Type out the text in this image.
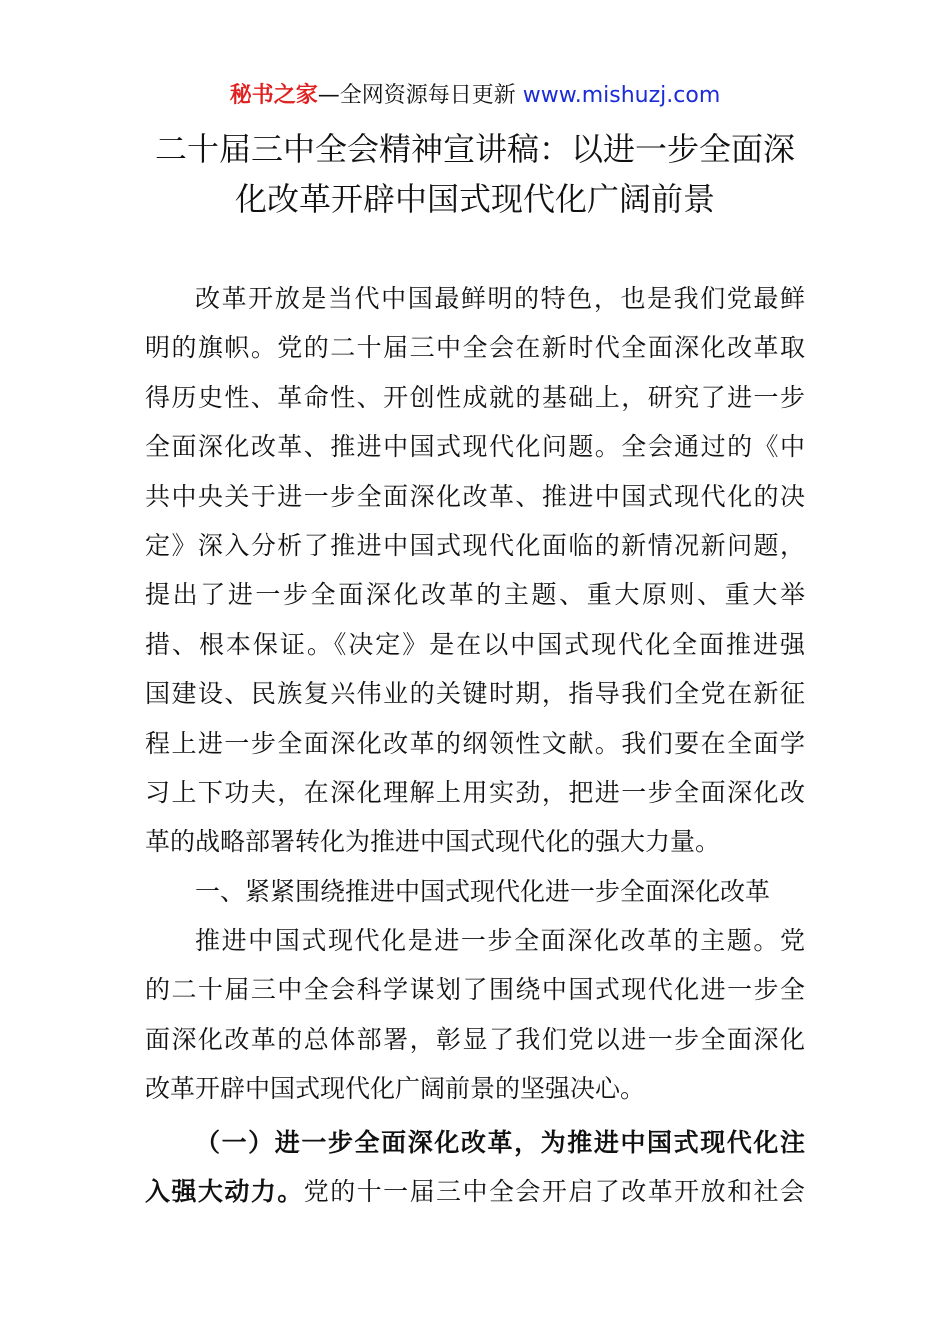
秘书之家—全网资源每日更新 www.mishuzj.com
二十届三中全会精神宣讲稿：以进一步全面深
化改革开辟中国式现代化广阔前景
改革开放是当代中国最鲜明的特色，也是我们党最鲜
明的旗帜。党的二十届三中全会在新时代全面深化改革取
得历史性、革命性、开创性成就的基础上，研究了进一步
全面深化改革、推进中国式现代化问题。全会通过的《中
共中央关于进一步全面深化改革、推进中国式现代化的决
定》深入分析了推进中国式现代化面临的新情况新问题，
提出了进一步全面深化改革的主题、重大原则、重大举
措、根本保证。《决定》是在以中国式现代化全面推进强
国建设、民族复兴伟业的关键时期，指导我们全党在新征
程上进一步全面深化改革的纲领性文献。我们要在全面学
习上下功夫，在深化理解上用实劲，把进一步全面深化改
革的战略部署转化为推进中国式现代化的强大力量。
一、紧紧围绕推进中国式现代化进一步全面深化改革
推进中国式现代化是进一步全面深化改革的主题。党
的二十届三中全会科学谋划了围绕中国式现代化进一步全
面深化改革的总体部署，彰显了我们党以进一步全面深化
改革开辟中国式现代化广阔前景的坚强决心。
（一）进一步全面深化改革，为推进中国式现代化注
入强大动力。党的十一届三中全会开启了改革开放和社会
